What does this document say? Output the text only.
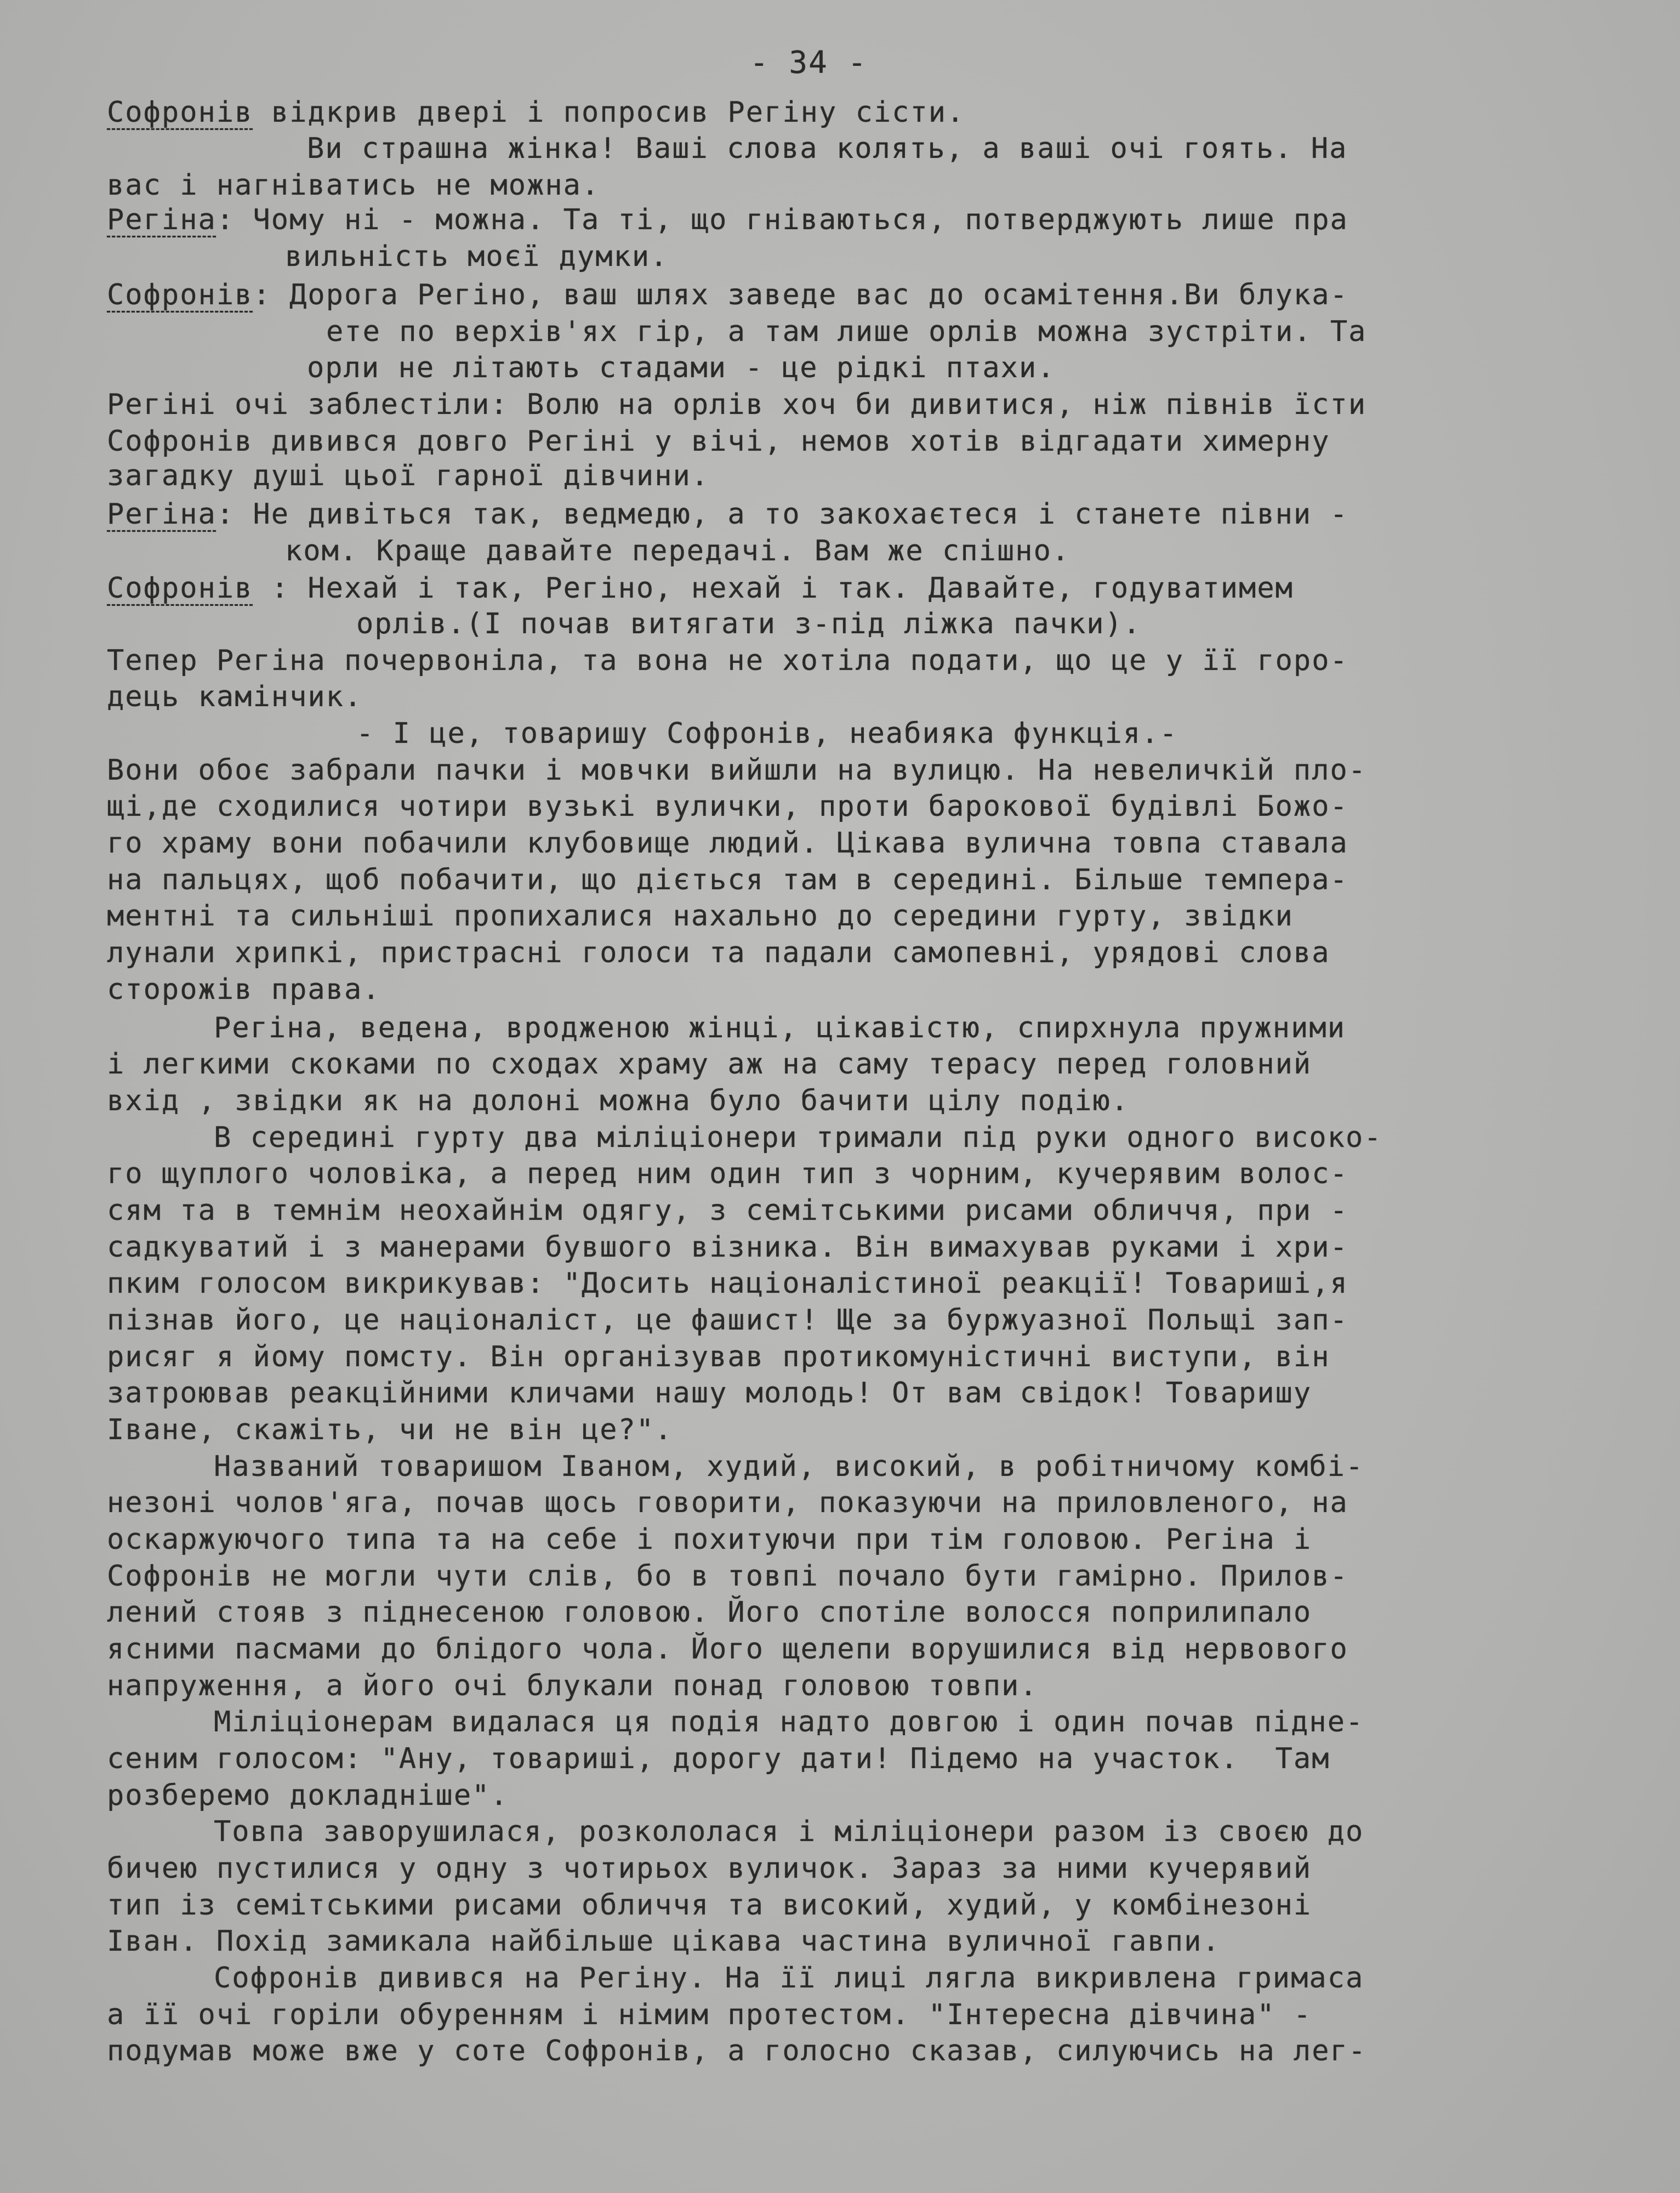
- 34 -
Софронів відкрив двері і попросив Регіну сісти.
Ви страшна жінка! Ваші слова колять, а ваші очі гоять. На
вас і нагніватись не можна.
Регіна: Чому ні - можна. Та ті, що гніваються, потверджують лише пра
вильність моєї думки.
Софронів: Дорога Регіно, ваш шлях заведе вас до осамітення.Ви блука-
ете по верхів'ях гір, а там лише орлів можна зустріти. Та
орли не літають стадами - це рідкі птахи.
Регіні очі заблестіли: Волю на орлів хоч би дивитися, ніж півнів їсти
Софронів дивився довго Регіні у вічі, немов хотів відгадати химерну
загадку душі цьої гарної дівчини.
Регіна: Не дивіться так, ведмедю, а то закохаєтеся і станете півни -
ком. Краще давайте передачі. Вам же спішно.
Софронів : Нехай і так, Регіно, нехай і так. Давайте, годуватимем
орлів.(І почав витягати з-під ліжка пачки).
Тепер Регіна почервоніла, та вона не хотіла подати, що це у її горо-
дець камінчик.
- І це, товаришу Софронів, неабияка функція.-
Вони обоє забрали пачки і мовчки вийшли на вулицю. На невеличкій пло-
щі,де сходилися чотири вузькі вулички, проти барокової будівлі Божо-
го храму вони побачили клубовище людий. Цікава вулична товпа ставала
на пальцях, щоб побачити, що діється там в середині. Більше темпера-
ментні та сильніші пропихалися нахально до середини гурту, звідки
лунали хрипкі, пристрасні голоси та падали самопевні, урядові слова
сторожів права.
Регіна, ведена, вродженою жінці, цікавістю, спирхнула пружними
і легкими скоками по сходах храму аж на саму терасу перед головний
вхід , звідки як на долоні можна було бачити цілу подію.
В середині гурту два міліціонери тримали під руки одного високо-
го щуплого чоловіка, а перед ним один тип з чорним, кучерявим волос-
сям та в темнім неохайнім одягу, з семітськими рисами обличчя, при -
садкуватий і з манерами бувшого візника. Він вимахував руками і хри-
пким голосом викрикував: "Досить націоналістиної реакції! Товариші,я
пізнав його, це націоналіст, це фашист! Ще за буржуазної Польщі зап-
рисяг я йому помсту. Він організував протикомуністичні виступи, він
затроював реакційними кличами нашу молодь! От вам свідок! Товаришу
Іване, скажіть, чи не він це?".
Названий товаришом Іваном, худий, високий, в робітничому комбі-
незоні чолов'яга, почав щось говорити, показуючи на приловленого, на
оскаржуючого типа та на себе і похитуючи при тім головою. Регіна і
Софронів не могли чути слів, бо в товпі почало бути гамірно. Прилов-
лений стояв з піднесеною головою. Його спотіле волосся поприлипало
ясними пасмами до блідого чола. Його щелепи ворушилися від нервового
напруження, а його очі блукали понад головою товпи.
Міліціонерам видалася ця подія надто довгою і один почав підне-
сеним голосом: "Ану, товариші, дорогу дати! Підемо на участок.  Там
розберемо докладніше".
Товпа заворушилася, розкололася і міліціонери разом із своєю до
бичею пустилися у одну з чотирьох вуличок. Зараз за ними кучерявий
тип із семітськими рисами обличчя та високий, худий, у комбінезоні
Іван. Похід замикала найбільше цікава частина вуличної гавпи.
Софронів дивився на Регіну. На її лиці лягла викривлена гримаса
а її очі горіли обуренням і німим протестом. "Інтересна дівчина" -
подумав може вже у соте Софронів, а голосно сказав, силуючись на лег-
